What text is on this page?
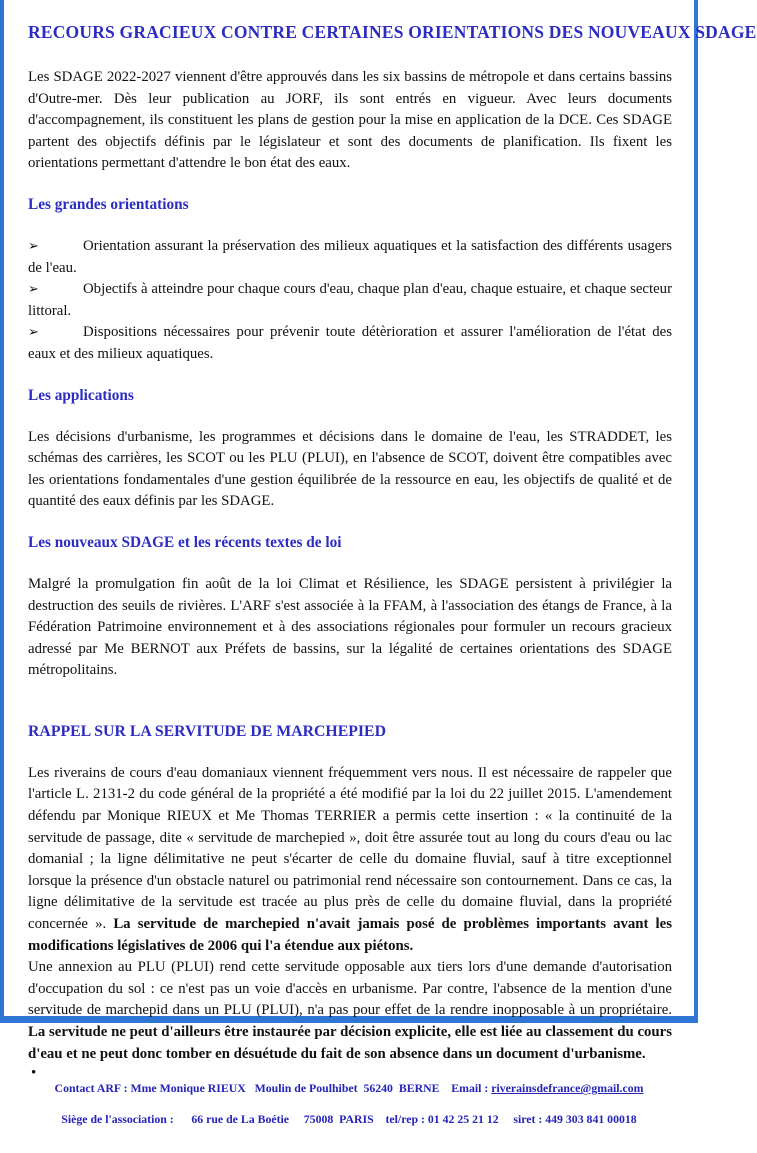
RECOURS GRACIEUX CONTRE CERTAINES ORIENTATIONS DES NOUVEAUX SDAGE

Les SDAGE 2022-2027 viennent d'être approuvés dans les six bassins de métropole et dans certains bassins d'Outre-mer. Dès leur publication au JORF, ils sont entrés en vigueur. Avec leurs documents d'accompagnement, ils constituent les plans de gestion pour la mise en application de la DCE. Ces SDAGE partent des objectifs définis par le législateur et sont des documents de planification. Ils fixent les orientations permettant d'attendre le bon état des eaux.

Les grandes orientations

➢	Orientation assurant la préservation des milieux aquatiques et la satisfaction des différents usagers de l'eau.

➢	Objectifs à atteindre pour chaque cours d'eau, chaque plan d'eau, chaque estuaire, et chaque secteur littoral.

➢	Dispositions nécessaires pour prévenir toute détèrioration et assurer l'amélioration de l'état des eaux et des milieux aquatiques.

Les applications

Les décisions d'urbanisme, les programmes et décisions dans le domaine de l'eau, les STRADDET, les schémas des carrières, les SCOT ou les PLU (PLUI), en l'absence de SCOT, doivent être compatibles avec les orientations fondamentales d'une gestion équilibrée de la ressource en eau, les objectifs de qualité et de quantité des eaux définis par les SDAGE.

Les nouveaux SDAGE et les récents textes de loi

Malgré la promulgation fin août de la loi Climat et Résilience, les SDAGE persistent à privilégier la destruction des seuils de rivières. L'ARF s'est associée à la FFAM, à l'association des étangs de France, à la Fédération Patrimoine environnement et à des associations régionales pour formuler un recours gracieux adressé par Me BERNOT aux Préfets de bassins, sur la légalité de certaines orientations des SDAGE métropolitains.

RAPPEL SUR LA SERVITUDE DE MARCHEPIED

Les riverains de cours d'eau domaniaux viennent fréquemment vers nous. Il est nécessaire de rappeler que l'article L. 2131-2 du code général de la propriété a été modifié par la loi du 22 juillet 2015. L'amendement défendu par Monique RIEUX et Me Thomas TERRIER a permis cette insertion : « la continuité de la servitude de passage, dite « servitude de marchepied », doit être assurée tout au long du cours d'eau ou lac domanial ; la ligne délimitative ne peut s'écarter de celle du domaine fluvial, sauf à titre exceptionnel lorsque la présence d'un obstacle naturel ou patrimonial rend nécessaire son contournement. Dans ce cas, la ligne délimitative de la servitude est tracée au plus près de celle du domaine fluvial, dans la propriété concernée ». La servitude de marchepied n'avait jamais posé de problèmes importants avant les modifications législatives de 2006 qui l'a étendue aux piétons.

Une annexion au PLU (PLUI) rend cette servitude opposable aux tiers lors d'une demande d'autorisation d'occupation du sol : ce n'est pas un voie d'accès en urbanisme. Par contre, l'absence de la mention d'une servitude de marchepid dans un PLU (PLUI), n'a pas pour effet de la rendre inopposable à un propriétaire. La servitude ne peut d'ailleurs être instaurée par décision explicite, elle est liée au classement du cours d'eau et ne peut donc tomber en désuétude du fait de son absence dans un document d'urbanisme.

•

Contact ARF : Mme Monique RIEUX   Moulin de Poulhibet  56240  BERNE    Email : riverainsdefrance@gmail.com

Siège de l'association :      66 rue de La Boétie     75008  PARIS    tel/rep : 01 42 25 21 12     siret : 449 303 841 00018
